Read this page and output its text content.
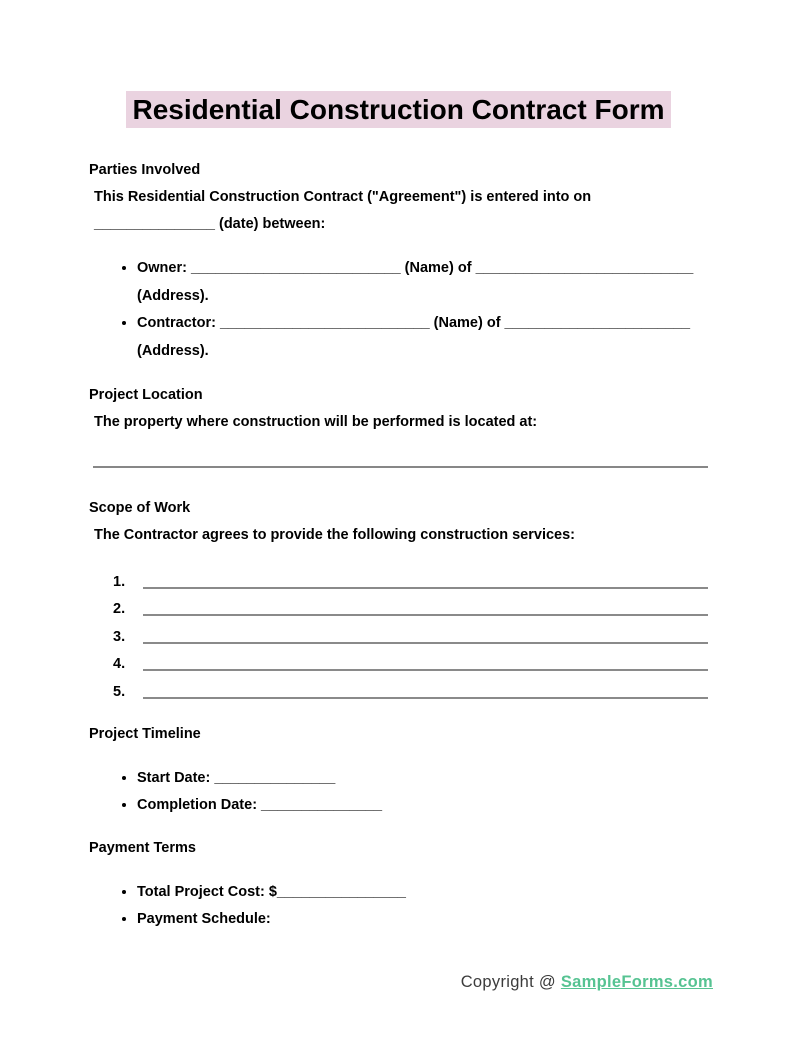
Residential Construction Contract Form
Parties Involved
This Residential Construction Contract ("Agreement") is entered into on _______________ (date) between:
• Owner: __________________________ (Name) of ___________________________ (Address).
• Contractor: __________________________ (Name) of _______________________ (Address).
Project Location
The property where construction will be performed is located at:
Scope of Work
The Contractor agrees to provide the following construction services:
1.
2.
3.
4.
5.
Project Timeline
• Start Date: _______________
• Completion Date: _______________
Payment Terms
• Total Project Cost: $________________
• Payment Schedule:
Copyright @ SampleForms.com
